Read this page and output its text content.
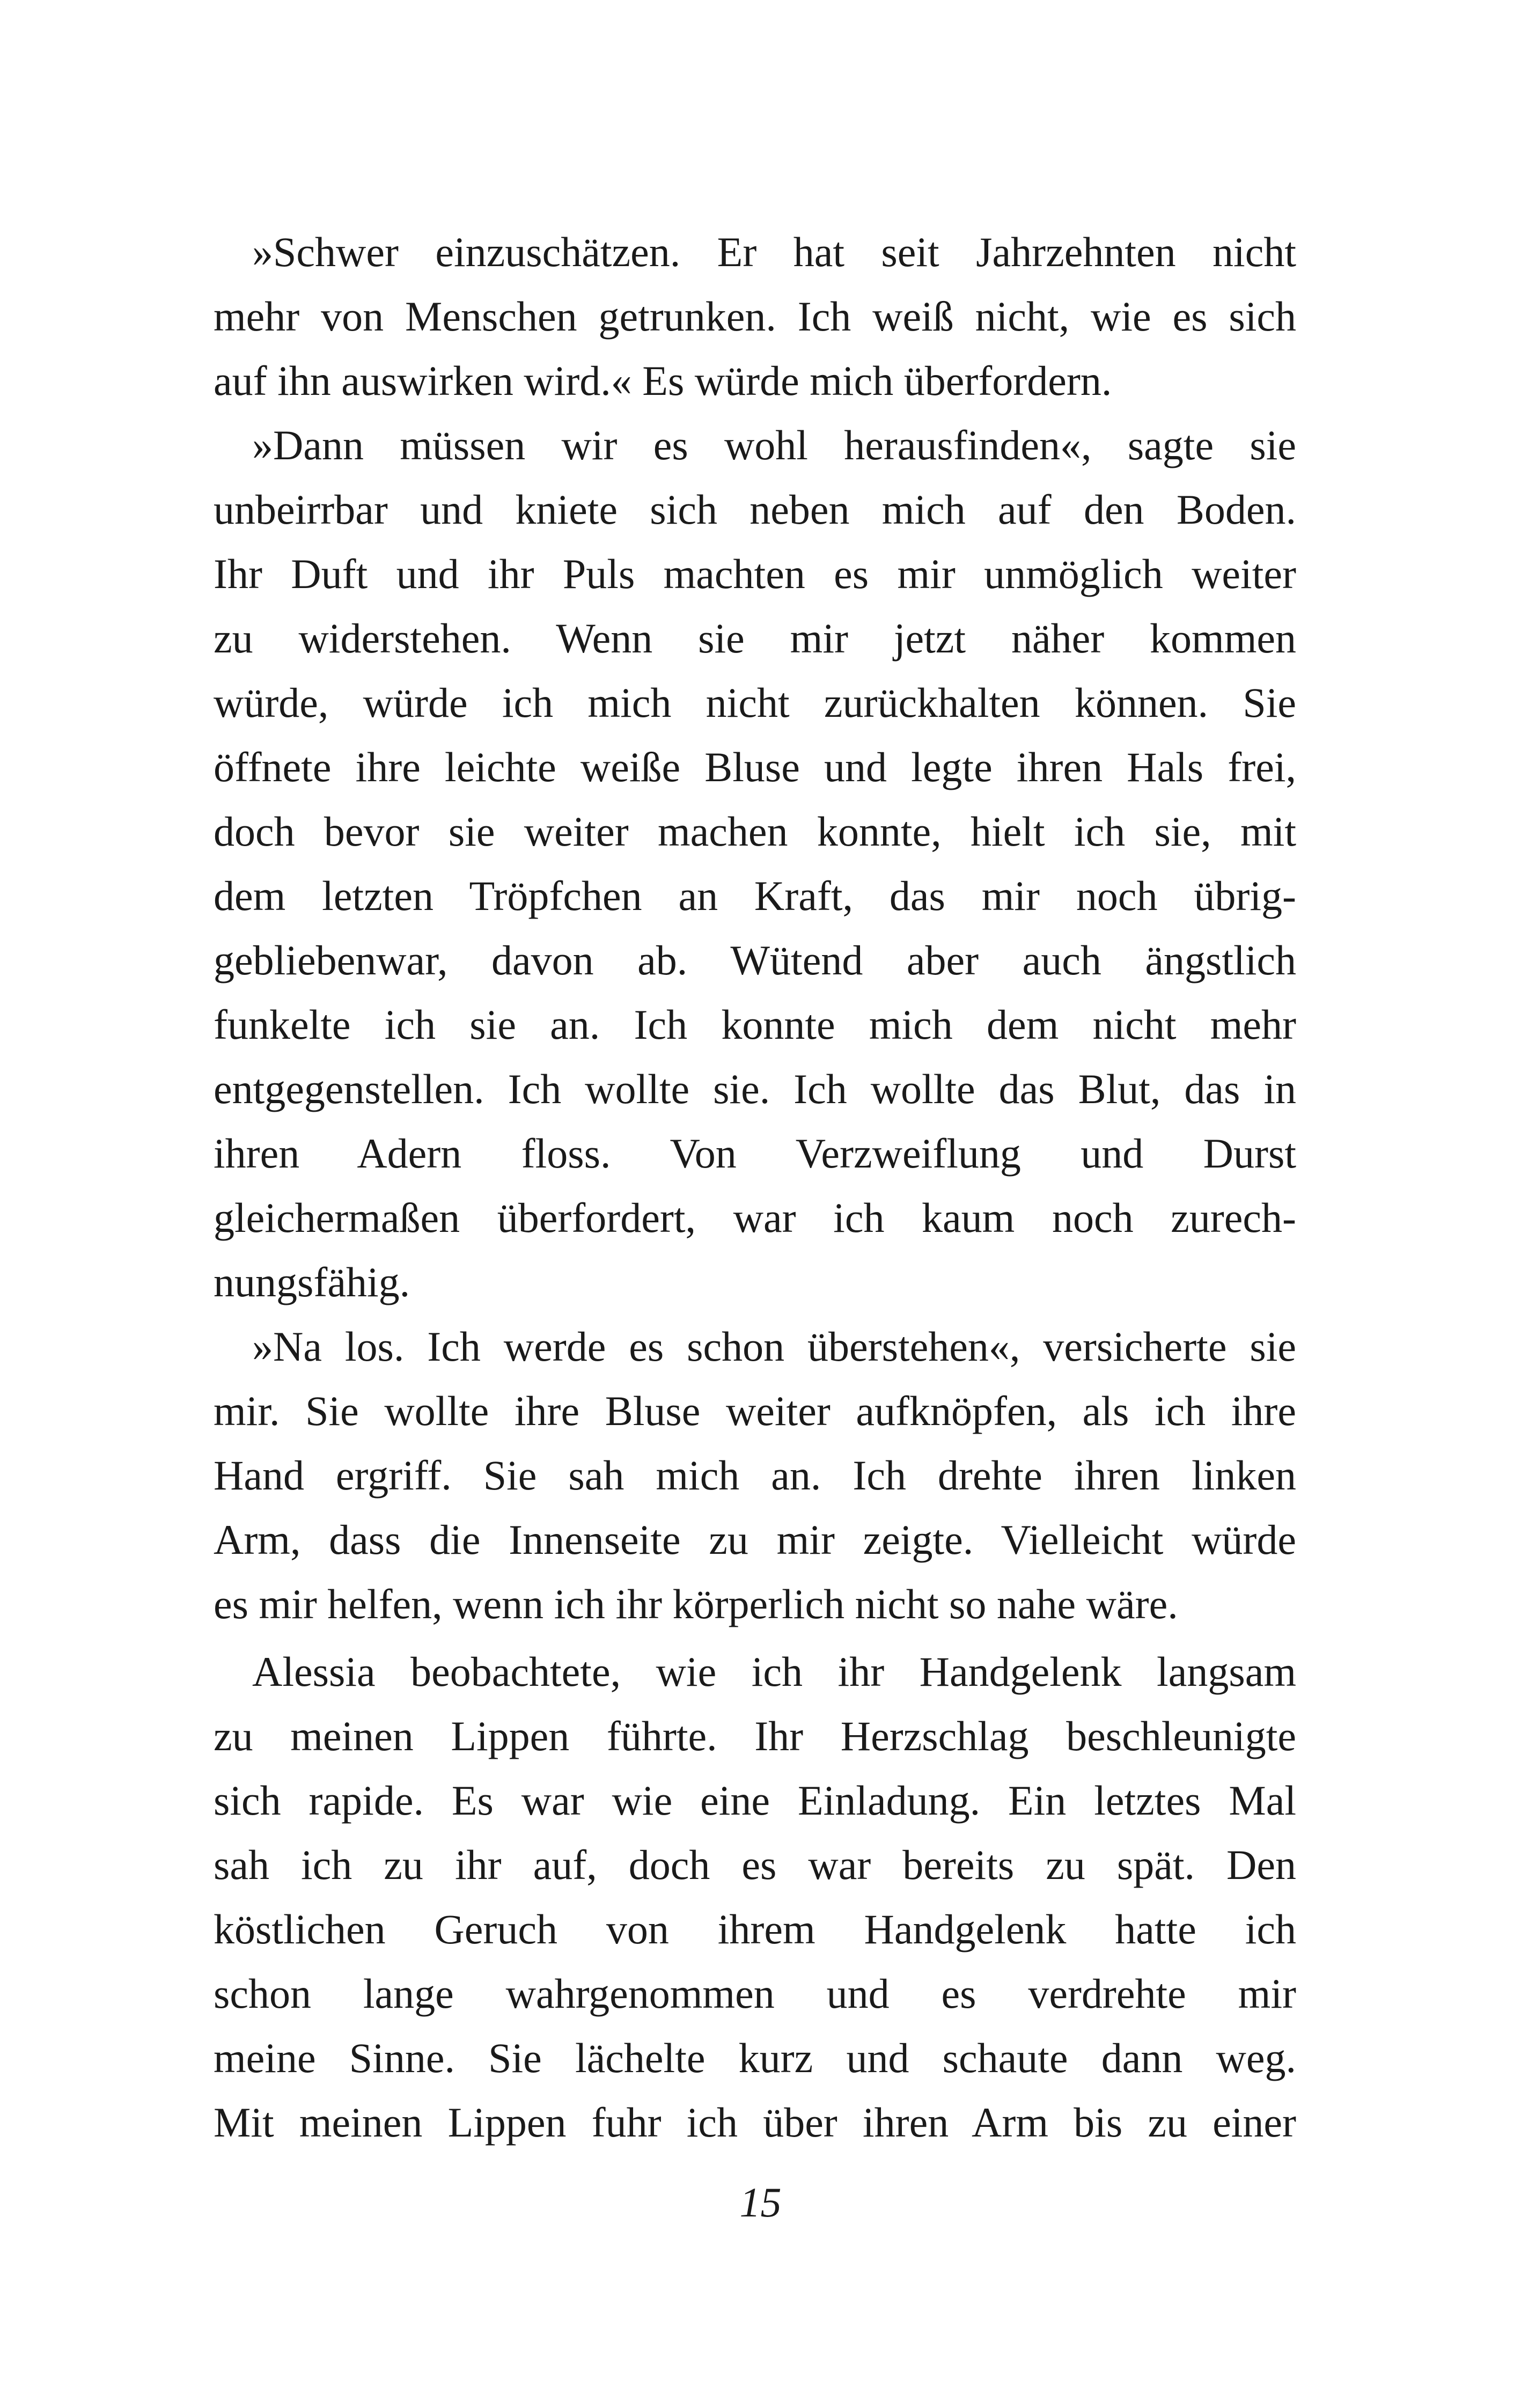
»Schwer einzuschätzen. Er hat seit Jahrzehnten nicht
mehr von Menschen getrunken. Ich weiß nicht, wie es sich
auf ihn auswirken wird.« Es würde mich überfordern.
»Dann müssen wir es wohl herausfinden«, sagte sie
unbeirrbar und kniete sich neben mich auf den Boden.
Ihr Duft und ihr Puls machten es mir unmöglich weiter
zu widerstehen. Wenn sie mir jetzt näher kommen
würde, würde ich mich nicht zurückhalten können. Sie
öffnete ihre leichte weiße Bluse und legte ihren Hals frei,
doch bevor sie weiter machen konnte, hielt ich sie, mit
dem letzten Tröpfchen an Kraft, das mir noch übrig-
gebliebenwar, davon ab. Wütend aber auch ängstlich
funkelte ich sie an. Ich konnte mich dem nicht mehr
entgegenstellen. Ich wollte sie. Ich wollte das Blut, das in
ihren Adern floss. Von Verzweiflung und Durst
gleichermaßen überfordert, war ich kaum noch zurech-
nungsfähig.
»Na los. Ich werde es schon überstehen«, versicherte sie
mir. Sie wollte ihre Bluse weiter aufknöpfen, als ich ihre
Hand ergriff. Sie sah mich an. Ich drehte ihren linken
Arm, dass die Innenseite zu mir zeigte. Vielleicht würde
es mir helfen, wenn ich ihr körperlich nicht so nahe wäre.
Alessia beobachtete, wie ich ihr Handgelenk langsam
zu meinen Lippen führte. Ihr Herzschlag beschleunigte
sich rapide. Es war wie eine Einladung. Ein letztes Mal
sah ich zu ihr auf, doch es war bereits zu spät. Den
köstlichen Geruch von ihrem Handgelenk hatte ich
schon lange wahrgenommen und es verdrehte mir
meine Sinne. Sie lächelte kurz und schaute dann weg.
Mit meinen Lippen fuhr ich über ihren Arm bis zu einer
15
